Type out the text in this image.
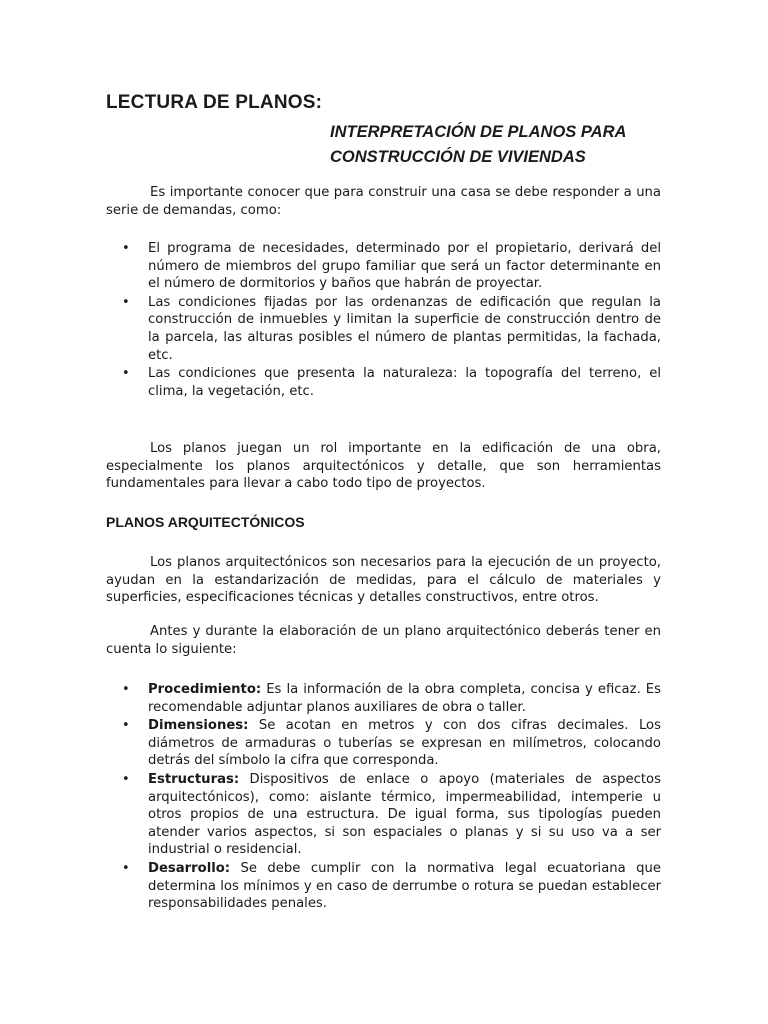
LECTURA DE PLANOS:
INTERPRETACIÓN DE PLANOS PARA
CONSTRUCCIÓN DE VIVIENDAS

Es importante conocer que para construir una casa se debe responder a una serie de demandas, como:

• El programa de necesidades, determinado por el propietario, derivará del número de miembros del grupo familiar que será un factor determinante en el número de dormitorios y baños que habrán de proyectar.
• Las condiciones fijadas por las ordenanzas de edificación que regulan la construcción de inmuebles y limitan la superficie de construcción dentro de la parcela, las alturas posibles el número de plantas permitidas, la fachada, etc.
• Las condiciones que presenta la naturaleza: la topografía del terreno, el clima, la vegetación, etc.

Los planos juegan un rol importante en la edificación de una obra, especialmente los planos arquitectónicos y detalle, que son herramientas fundamentales para llevar a cabo todo tipo de proyectos.

PLANOS ARQUITECTÓNICOS

Los planos arquitectónicos son necesarios para la ejecución de un proyecto, ayudan en la estandarización de medidas, para el cálculo de materiales y superficies, especificaciones técnicas y detalles constructivos, entre otros.

Antes y durante la elaboración de un plano arquitectónico deberás tener en cuenta lo siguiente:

• Procedimiento: Es la información de la obra completa, concisa y eficaz. Es recomendable adjuntar planos auxiliares de obra o taller.
• Dimensiones: Se acotan en metros y con dos cifras decimales. Los diámetros de armaduras o tuberías se expresan en milímetros, colocando detrás del símbolo la cifra que corresponda.
• Estructuras: Dispositivos de enlace o apoyo (materiales de aspectos arquitectónicos), como: aislante térmico, impermeabilidad, intemperie u otros propios de una estructura. De igual forma, sus tipologías pueden atender varios aspectos, si son espaciales o planas y si su uso va a ser industrial o residencial.
• Desarrollo: Se debe cumplir con la normativa legal ecuatoriana que determina los mínimos y en caso de derrumbe o rotura se puedan establecer responsabilidades penales.
